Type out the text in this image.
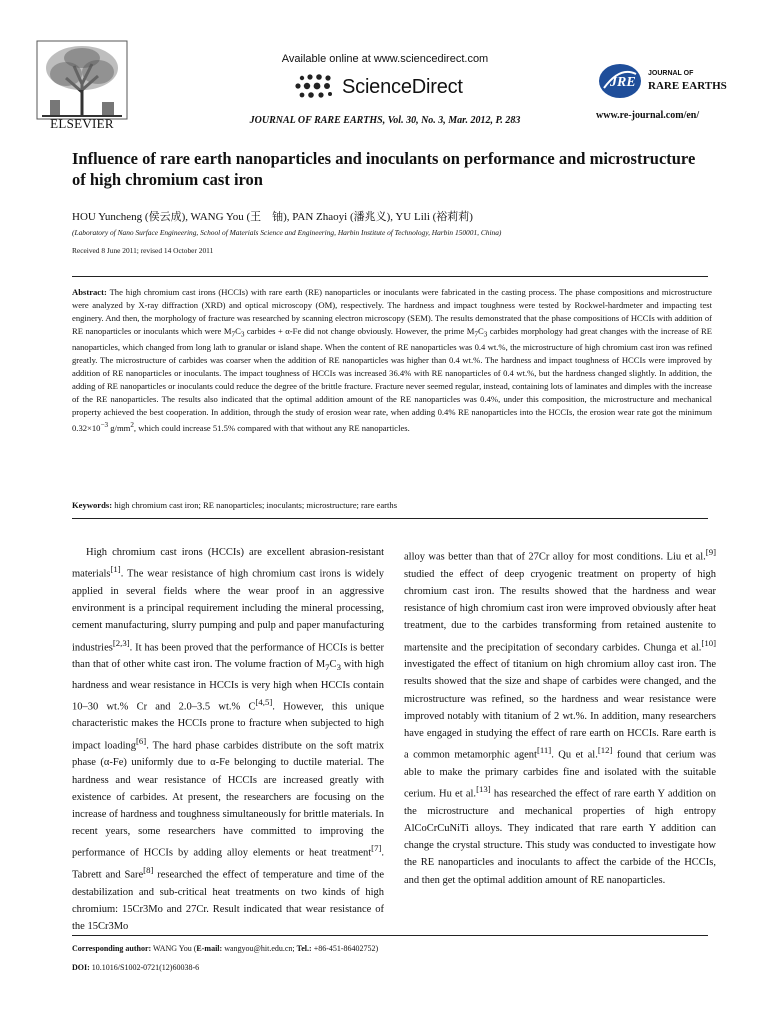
ELSEVIER
Available online at www.sciencedirect.com
ScienceDirect
JOURNAL OF RARE EARTHS, Vol. 30, No. 3, Mar. 2012, P. 283
JRE
JOURNAL OF
RARE EARTHS
www.re-journal.com/en/
Influence of rare earth nanoparticles and inoculants on performance and microstructure of high chromium cast iron
HOU Yuncheng (侯云成), WANG You (王　铀), PAN Zhaoyi (潘兆义), YU Lili (裕莉莉)
(Laboratory of Nano Surface Engineering, School of Materials Science and Engineering, Harbin Institute of Technology, Harbin 150001, China)
Received 8 June 2011; revised 14 October 2011
Abstract: The high chromium cast irons (HCCIs) with rare earth (RE) nanoparticles or inoculants were fabricated in the casting process. The phase compositions and microstructure were analyzed by X-ray diffraction (XRD) and optical microscopy (OM), respectively. The hardness and impact toughness were tested by Rockwel-hardmeter and impacting test enginery. And then, the morphology of fracture was researched by scanning electron microscopy (SEM). The results demonstrated that the phase compositions of HCCIs with addition of RE nanoparticles or inoculants which were $M_7C_3$ carbides + α-Fe did not change obviously. However, the prime $M_7C_3$ carbides morphology had great changes with the increase of RE nanoparticles, which changed from long lath to granular or island shape. When the content of RE nanoparticles was 0.4 wt.%, the microstructure of high chromium cast iron was refined greatly. The microstructure of carbides was coarser when the addition of RE nanoparticles was higher than 0.4 wt.%. The hardness and impact toughness of HCCIs were improved by addition of RE nanoparticles or inoculants. The impact toughness of HCCIs was increased 36.4% with RE nanoparticles of 0.4 wt.%, but the hardness changed slightly. In addition, the adding of RE nanoparticles or inoculants could reduce the degree of the brittle fracture. Fracture never seemed regular, instead, containing lots of laminates and dimples with the increase of the RE nanoparticles. The results also indicated that the optimal addition amount of the RE nanoparticles was 0.4%, under this composition, the microstructure and mechanical property achieved the best cooperation. In addition, through the study of erosion wear rate, when adding 0.4% RE nanoparticles into the HCCIs, the erosion wear rate got the minimum $0.32\times 10^{-3}$ $g/mm^2$, which could increase 51.5% compared with that without any RE nanoparticles.
Keywords: high chromium cast iron; RE nanoparticles; inoculants; microstructure; rare earths

High chromium cast irons (HCCIs) are excellent abrasion-resistant materials[1]. The wear resistance of high chromium cast irons is widely applied in several fields where the wear proof in an aggressive environment is a principal requirement including the mineral processing, cement manufacturing, slurry pumping and pulp and paper manufacturing industries[2,3]. It has been proved that the performance of HCCIs is better than that of other white cast iron. The volume fraction of $M_7C_3$ with high hardness and wear resistance in HCCIs is very high when HCCIs contain 10–30 wt.% Cr and 2.0–3.5 wt.% C[4,5]. However, this unique characteristic makes the HCCIs prone to fracture when subjected to high impact loading[6]. The hard phase carbides distribute on the soft matrix phase (α-Fe) uniformly due to α-Fe belonging to ductile material. The hardness and wear resistance of HCCIs are increased greatly with existence of carbides. At present, the researchers are focusing on the increase of hardness and toughness simultaneously for brittle materials. In recent years, some researchers have committed to improving the performance of HCCIs by adding alloy elements or heat treatment[7]. Tabrett and Sare[8] researched the effect of temperature and time of the destabilization and sub-critical heat treatments on two kinds of high chromium: 15Cr3Mo and 27Cr. Result indicated that wear resistance of the 15Cr3Mo

alloy was better than that of 27Cr alloy for most conditions. Liu et al.[9] studied the effect of deep cryogenic treatment on property of high chromium cast iron. The results showed that the hardness and wear resistance of high chromium cast iron were improved obviously after heat treatment, due to the carbides transforming from retained austenite to martensite and the precipitation of secondary carbides. Chunga et al.[10] investigated the effect of titanium on high chromium alloy cast iron. The results showed that the size and shape of carbides were changed, and the microstructure was refined, so the hardness and wear resistance were improved notably with titanium of 2 wt.%. In addition, many researchers have engaged in studying the effect of rare earth on HCCIs. Rare earth is a common metamorphic agent[11]. Qu et al.[12] found that cerium was able to make the primary carbides fine and isolated with the suitable cerium. Hu et al.[13] has researched the effect of rare earth Y addition on the microstructure and mechanical properties of high entropy AlCoCrCuNiTi alloys. They indicated that rare earth Y addition can change the crystal structure. This study was conducted to investigate how the RE nanoparticles and inoculants to affect the carbide of the HCCIs, and then get the optimal addition amount of RE nanoparticles.

Corresponding author: WANG You (E-mail: wangyou@hit.edu.cn; Tel.: +86-451-86402752)
DOI: 10.1016/S1002-0721(12)60038-6
